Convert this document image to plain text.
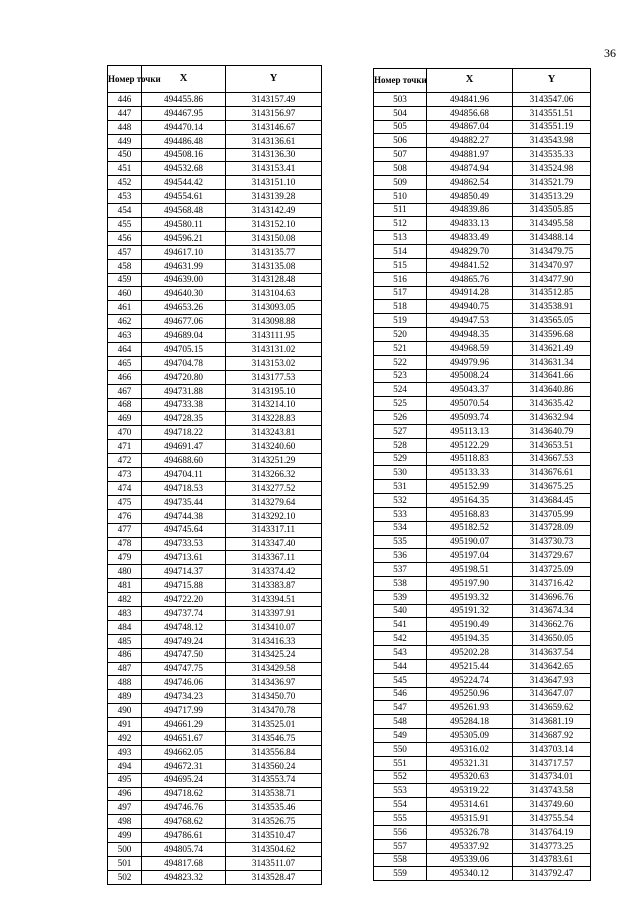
36
Номер точки	X	Y
446	494455.86	3143157.49
447	494467.95	3143156.97
448	494470.14	3143146.67
449	494486.48	3143136.61
450	494508.16	3143136.30
451	494532.68	3143153.41
452	494544.42	3143151.10
453	494554.61	3143139.28
454	494568.48	3143142.49
455	494580.11	3143152.10
456	494596.21	3143150.08
457	494617.10	3143135.77
458	494631.99	3143135.08
459	494639.00	3143128.48
460	494640.30	3143104.63
461	494653.26	3143093.05
462	494677.06	3143098.88
463	494689.04	3143111.95
464	494705.15	3143131.02
465	494704.78	3143153.02
466	494720.80	3143177.53
467	494731.88	3143195.10
468	494733.38	3143214.10
469	494728.35	3143228.83
470	494718.22	3143243.81
471	494691.47	3143240.60
472	494688.60	3143251.29
473	494704.11	3143266.32
474	494718.53	3143277.52
475	494735.44	3143279.64
476	494744.38	3143292.10
477	494745.64	3143317.11
478	494733.53	3143347.40
479	494713.61	3143367.11
480	494714.37	3143374.42
481	494715.88	3143383.87
482	494722.20	3143394.51
483	494737.74	3143397.91
484	494748.12	3143410.07
485	494749.24	3143416.33
486	494747.50	3143425.24
487	494747.75	3143429.58
488	494746.06	3143436.97
489	494734.23	3143450.70
490	494717.99	3143470.78
491	494661.29	3143525.01
492	494651.67	3143546.75
493	494662.05	3143556.84
494	494672.31	3143560.24
495	494695.24	3143553.74
496	494718.62	3143538.71
497	494746.76	3143535.46
498	494768.62	3143526.75
499	494786.61	3143510.47
500	494805.74	3143504.62
501	494817.68	3143511.07
502	494823.32	3143528.47
Номер точки	X	Y
503	494841.96	3143547.06
504	494856.68	3143551.51
505	494867.04	3143551.19
506	494882.27	3143543.98
507	494881.97	3143535.33
508	494874.94	3143524.98
509	494862.54	3143521.79
510	494850.49	3143513.29
511	494839.86	3143505.85
512	494833.13	3143495.58
513	494833.49	3143488.14
514	494829.70	3143479.75
515	494841.52	3143470.97
516	494865.76	3143477.90
517	494914.28	3143512.85
518	494940.75	3143538.91
519	494947.53	3143565.05
520	494948.35	3143596.68
521	494968.59	3143621.49
522	494979.96	3143631.34
523	495008.24	3143641.66
524	495043.37	3143640.86
525	495070.54	3143635.42
526	495093.74	3143632.94
527	495113.13	3143640.79
528	495122.29	3143653.51
529	495118.83	3143667.53
530	495133.33	3143676.61
531	495152.99	3143675.25
532	495164.35	3143684.45
533	495168.83	3143705.99
534	495182.52	3143728.09
535	495190.07	3143730.73
536	495197.04	3143729.67
537	495198.51	3143725.09
538	495197.90	3143716.42
539	495193.32	3143696.76
540	495191.32	3143674.34
541	495190.49	3143662.76
542	495194.35	3143650.05
543	495202.28	3143637.54
544	495215.44	3143642.65
545	495224.74	3143647.93
546	495250.96	3143647.07
547	495261.93	3143659.62
548	495284.18	3143681.19
549	495305.09	3143687.92
550	495316.02	3143703.14
551	495321.31	3143717.57
552	495320.63	3143734.01
553	495319.22	3143743.58
554	495314.61	3143749.60
555	495315.91	3143755.54
556	495326.78	3143764.19
557	495337.92	3143773.25
558	495339.06	3143783.61
559	495340.12	3143792.47
